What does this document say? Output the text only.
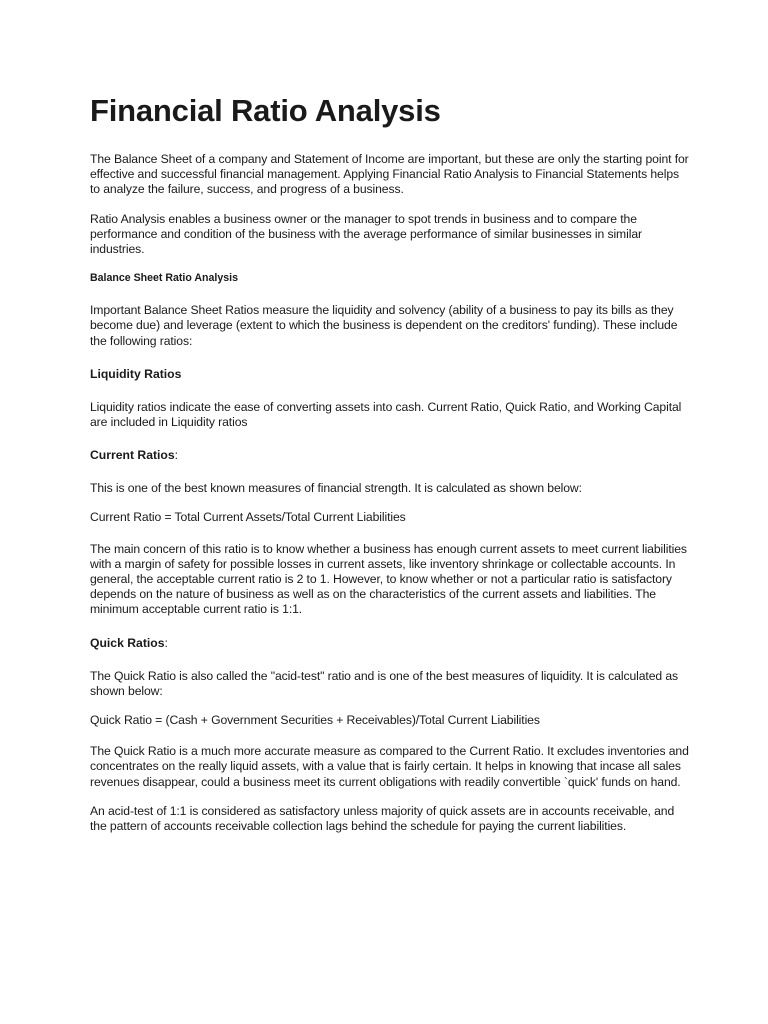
Financial Ratio Analysis

The Balance Sheet of a company and Statement of Income are important, but these are only the starting point for effective and successful financial management. Applying Financial Ratio Analysis to Financial Statements helps to analyze the failure, success, and progress of a business.

Ratio Analysis enables a business owner or the manager to spot trends in business and to compare the performance and condition of the business with the average performance of similar businesses in similar industries.

Balance Sheet Ratio Analysis

Important Balance Sheet Ratios measure the liquidity and solvency (ability of a business to pay its bills as they become due) and leverage (extent to which the business is dependent on the creditors' funding). These include the following ratios:

Liquidity Ratios

Liquidity ratios indicate the ease of converting assets into cash. Current Ratio, Quick Ratio, and Working Capital are included in Liquidity ratios

Current Ratios:

This is one of the best known measures of financial strength. It is calculated as shown below:

Current Ratio = Total Current Assets/Total Current Liabilities

The main concern of this ratio is to know whether a business has enough current assets to meet current liabilities with a margin of safety for possible losses in current assets, like inventory shrinkage or collectable accounts. In general, the acceptable current ratio is 2 to 1. However, to know whether or not a particular ratio is satisfactory depends on the nature of business as well as on the characteristics of the current assets and liabilities. The minimum acceptable current ratio is 1:1.

Quick Ratios:

The Quick Ratio is also called the "acid-test" ratio and is one of the best measures of liquidity. It is calculated as shown below:

Quick Ratio = (Cash + Government Securities + Receivables)/Total Current Liabilities

The Quick Ratio is a much more accurate measure as compared to the Current Ratio. It excludes inventories and concentrates on the really liquid assets, with a value that is fairly certain. It helps in knowing that incase all sales revenues disappear, could a business meet its current obligations with readily convertible `quick' funds on hand.

An acid-test of 1:1 is considered as satisfactory unless majority of quick assets are in accounts receivable, and the pattern of accounts receivable collection lags behind the schedule for paying the current liabilities.
